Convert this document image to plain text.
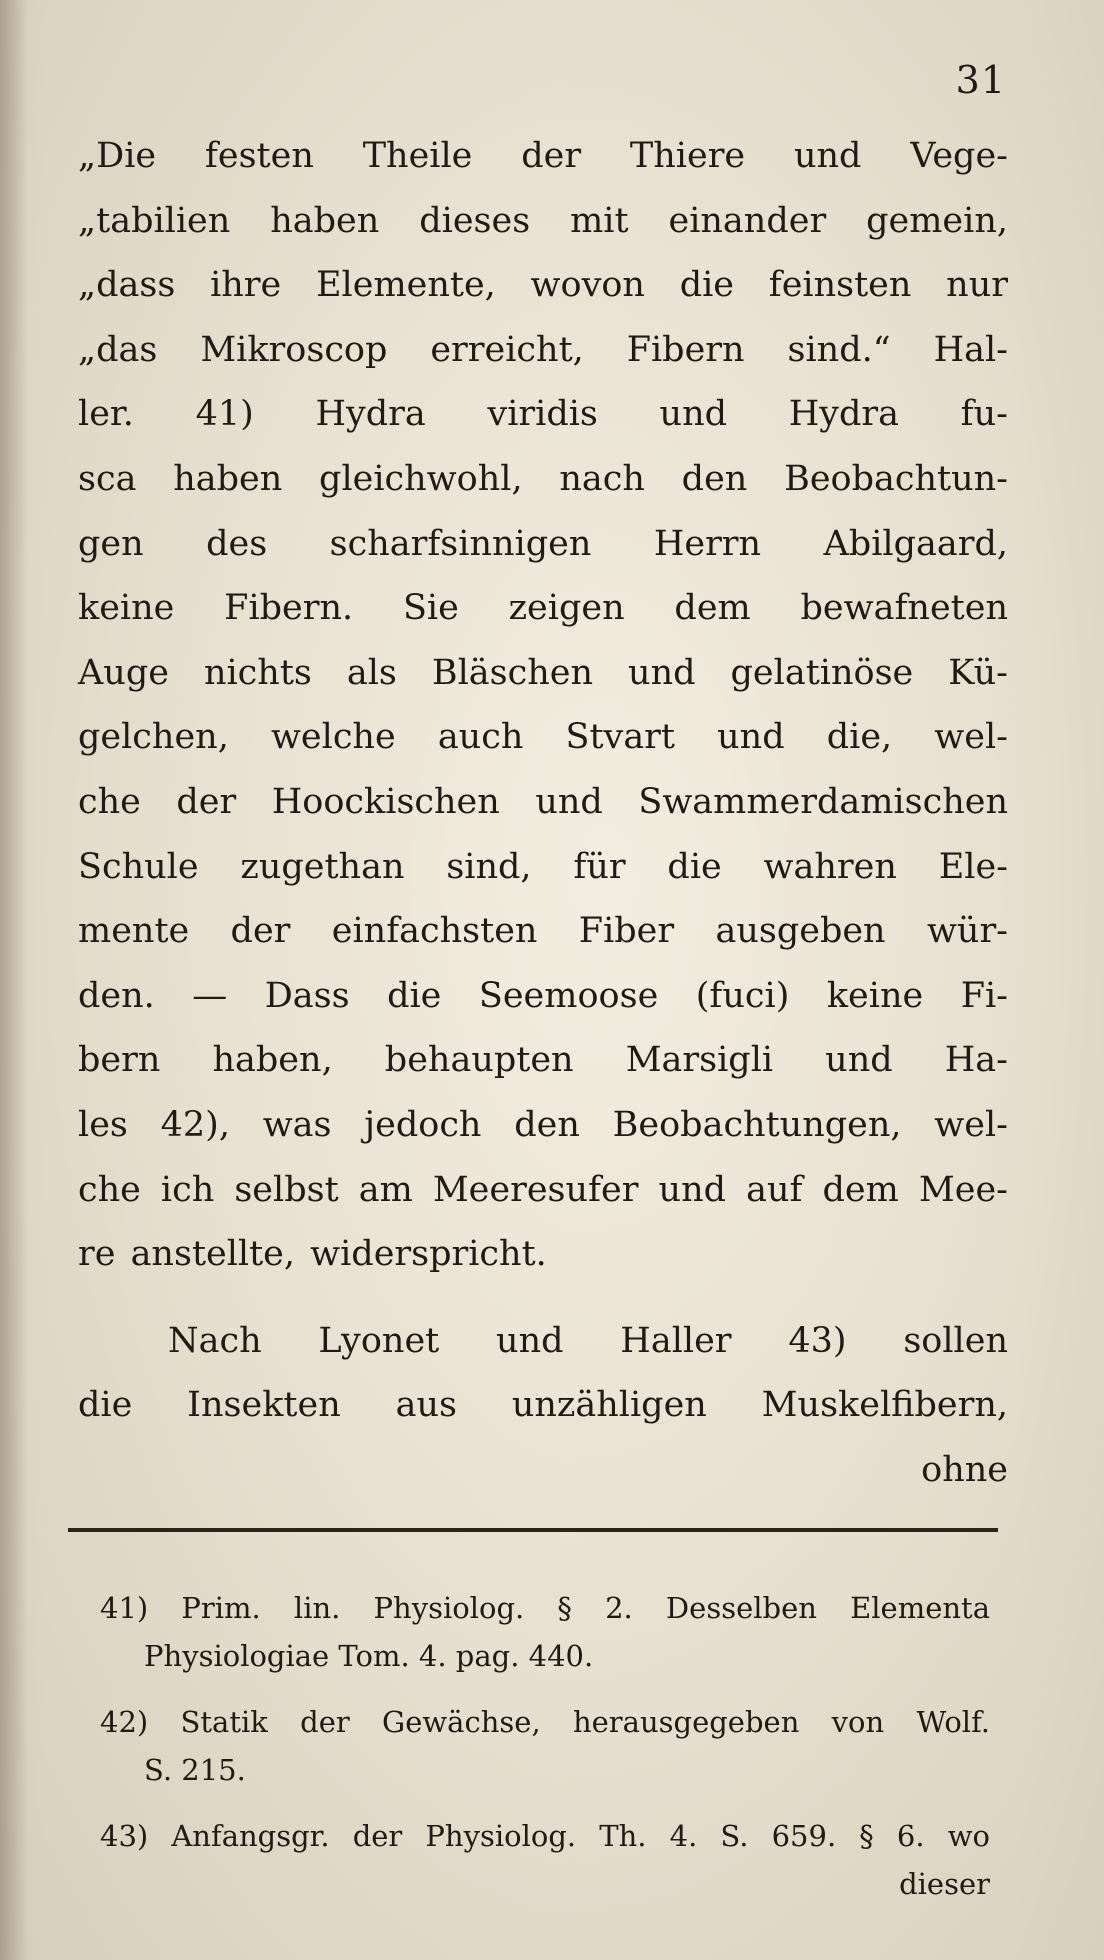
31
„Die festen Theile der Thiere und Vege-
„tabilien haben dieses mit einander gemein,
„dass ihre Elemente, wovon die feinsten nur
„das Mikroscop erreicht, Fibern sind.“ Hal-
ler. 41) Hydra viridis und Hydra fu-
sca haben gleichwohl, nach den Beobachtun-
gen des scharfsinnigen Herrn Abilgaard,
keine Fibern. Sie zeigen dem bewafneten
Auge nichts als Bläschen und gelatinöse Kü-
gelchen, welche auch Stvart und die, wel-
che der Hoockischen und Swammerdamischen
Schule zugethan sind, für die wahren Ele-
mente der einfachsten Fiber ausgeben wür-
den. — Dass die Seemoose (fuci) keine Fi-
bern haben, behaupten Marsigli und Ha-
les 42), was jedoch den Beobachtungen, wel-
che ich selbst am Meeresufer und auf dem Mee-
re anstellte, widerspricht.
Nach Lyonet und Haller 43) sollen
die Insekten aus unzähligen Muskelfibern,
ohne
41) Prim. lin. Physiolog. § 2. Desselben Elementa
Physiologiae Tom. 4. pag. 440.
42) Statik der Gewächse, herausgegeben von Wolf.
S. 215.
43) Anfangsgr. der Physiolog. Th. 4. S. 659. § 6. wo
dieser
